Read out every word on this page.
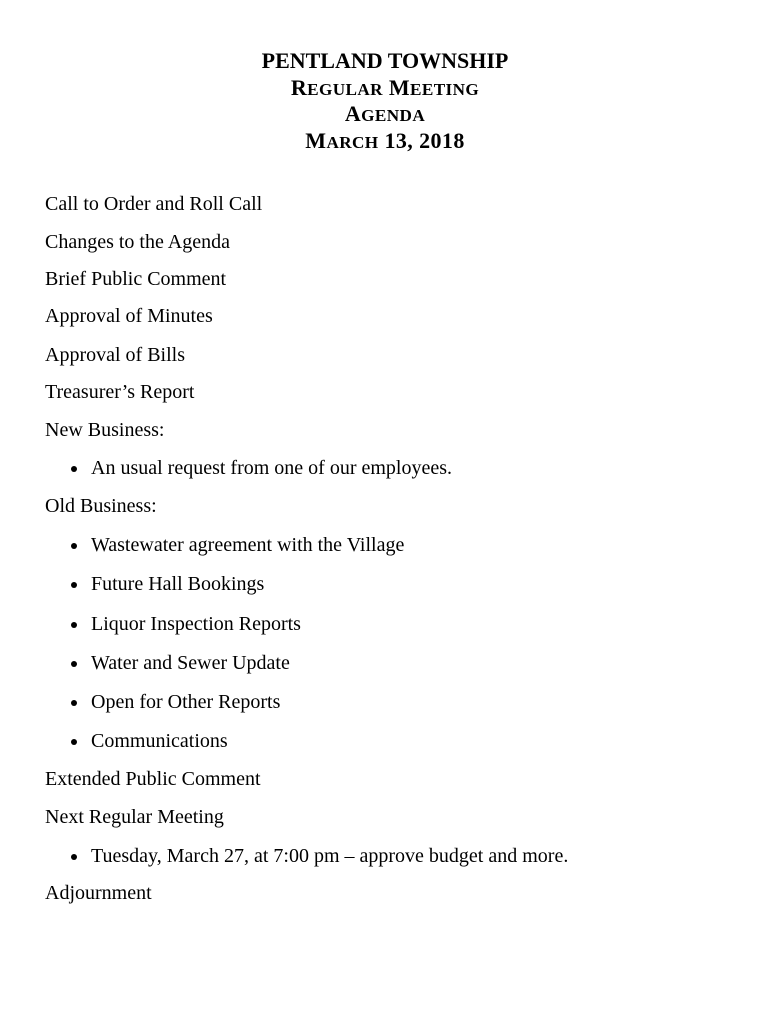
PENTLAND TOWNSHIP
REGULAR MEETING
AGENDA
MARCH 13, 2018
Call to Order and Roll Call
Changes to the Agenda
Brief Public Comment
Approval of Minutes
Approval of Bills
Treasurer’s Report
New Business:
An usual request from one of our employees.
Old Business:
Wastewater agreement with the Village
Future Hall Bookings
Liquor Inspection Reports
Water and Sewer Update
Open for Other Reports
Communications
Extended Public Comment
Next Regular Meeting
Tuesday, March 27, at 7:00 pm – approve budget and more.
Adjournment
